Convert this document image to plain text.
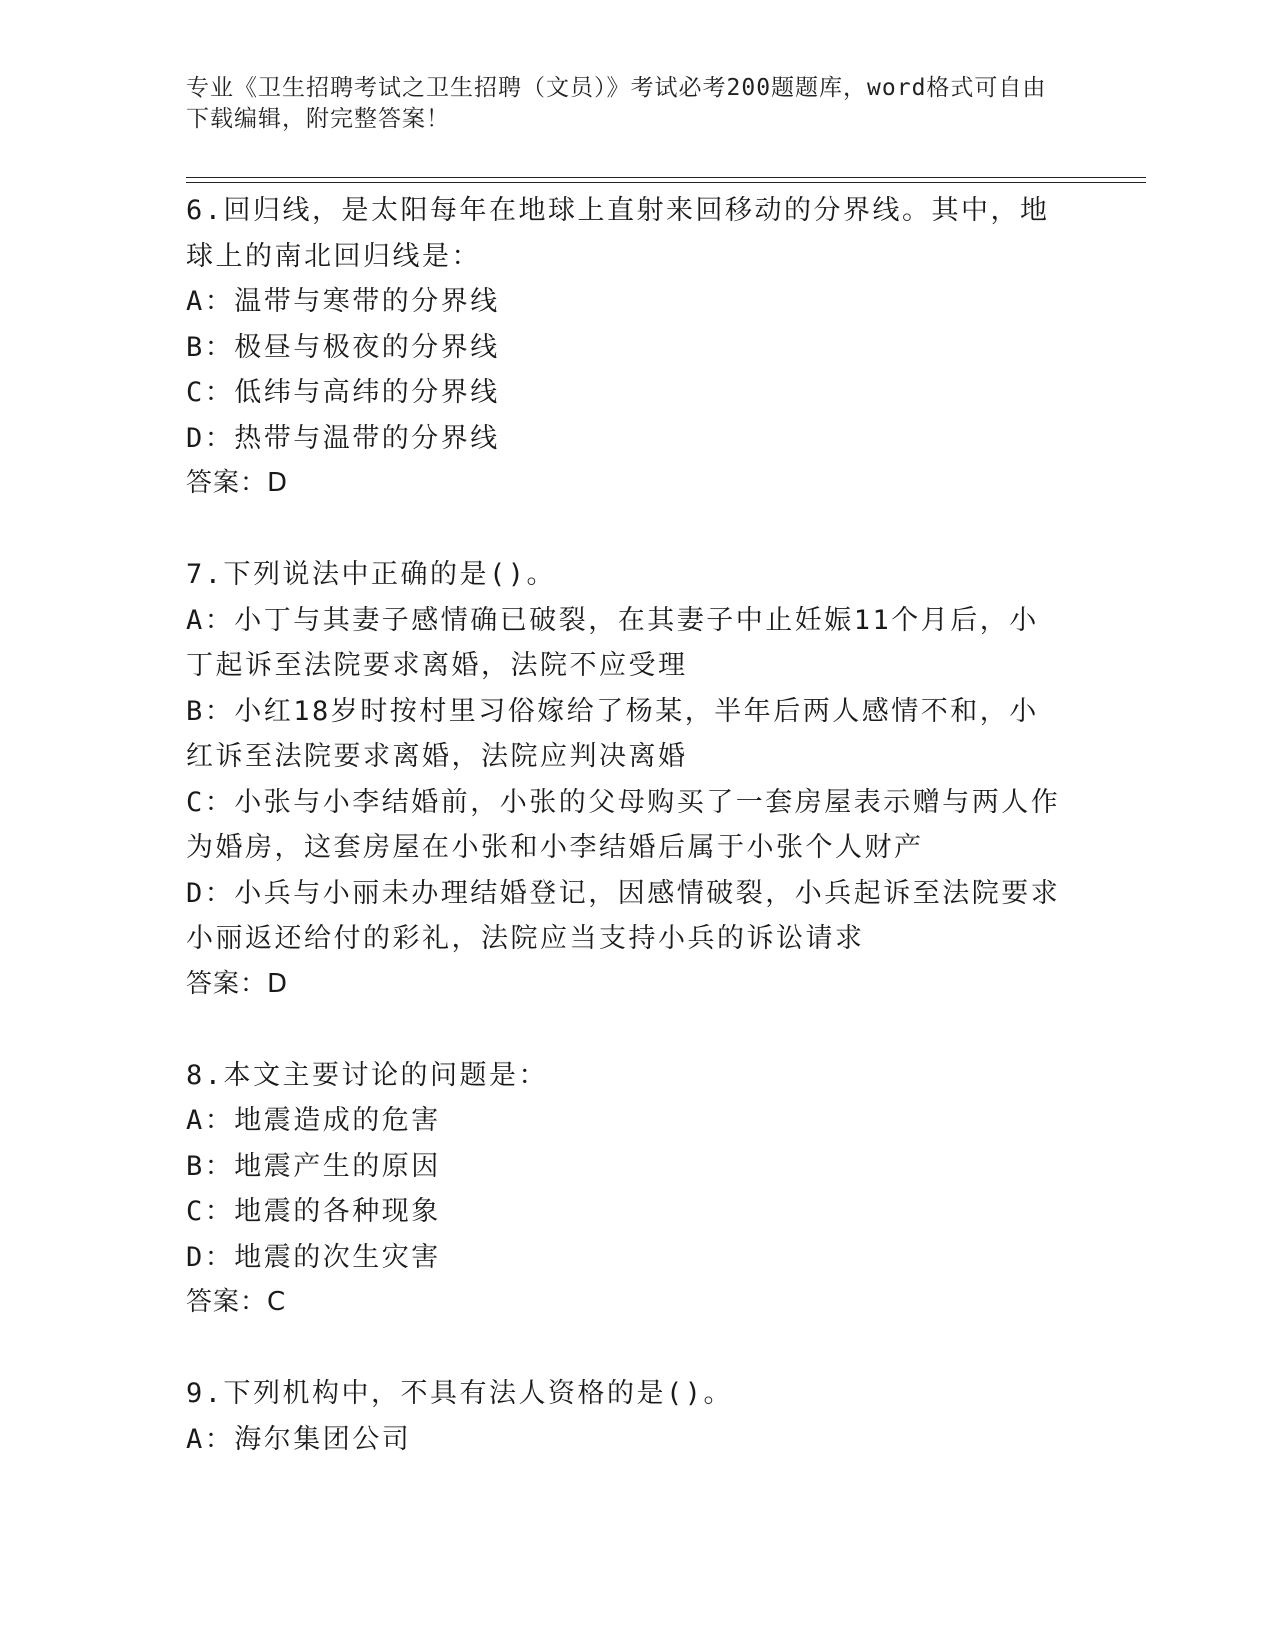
专业《卫生招聘考试之卫生招聘（文员）》考试必考200题题库，word格式可自由下载编辑，附完整答案！

6.回归线，是太阳每年在地球上直射来回移动的分界线。其中，地球上的南北回归线是：

A：温带与寒带的分界线

B：极昼与极夜的分界线

C：低纬与高纬的分界线

D：热带与温带的分界线

答案：D

7.下列说法中正确的是()。

A：小丁与其妻子感情确已破裂，在其妻子中止妊娠11个月后，小丁起诉至法院要求离婚，法院不应受理

B：小红18岁时按村里习俗嫁给了杨某，半年后两人感情不和，小红诉至法院要求离婚，法院应判决离婚

C：小张与小李结婚前，小张的父母购买了一套房屋表示赠与两人作为婚房，这套房屋在小张和小李结婚后属于小张个人财产

D：小兵与小丽未办理结婚登记，因感情破裂，小兵起诉至法院要求小丽返还给付的彩礼，法院应当支持小兵的诉讼请求

答案：D

8.本文主要讨论的问题是：

A：地震造成的危害

B：地震产生的原因

C：地震的各种现象

D：地震的次生灾害

答案：C

9.下列机构中，不具有法人资格的是()。

A：海尔集团公司
